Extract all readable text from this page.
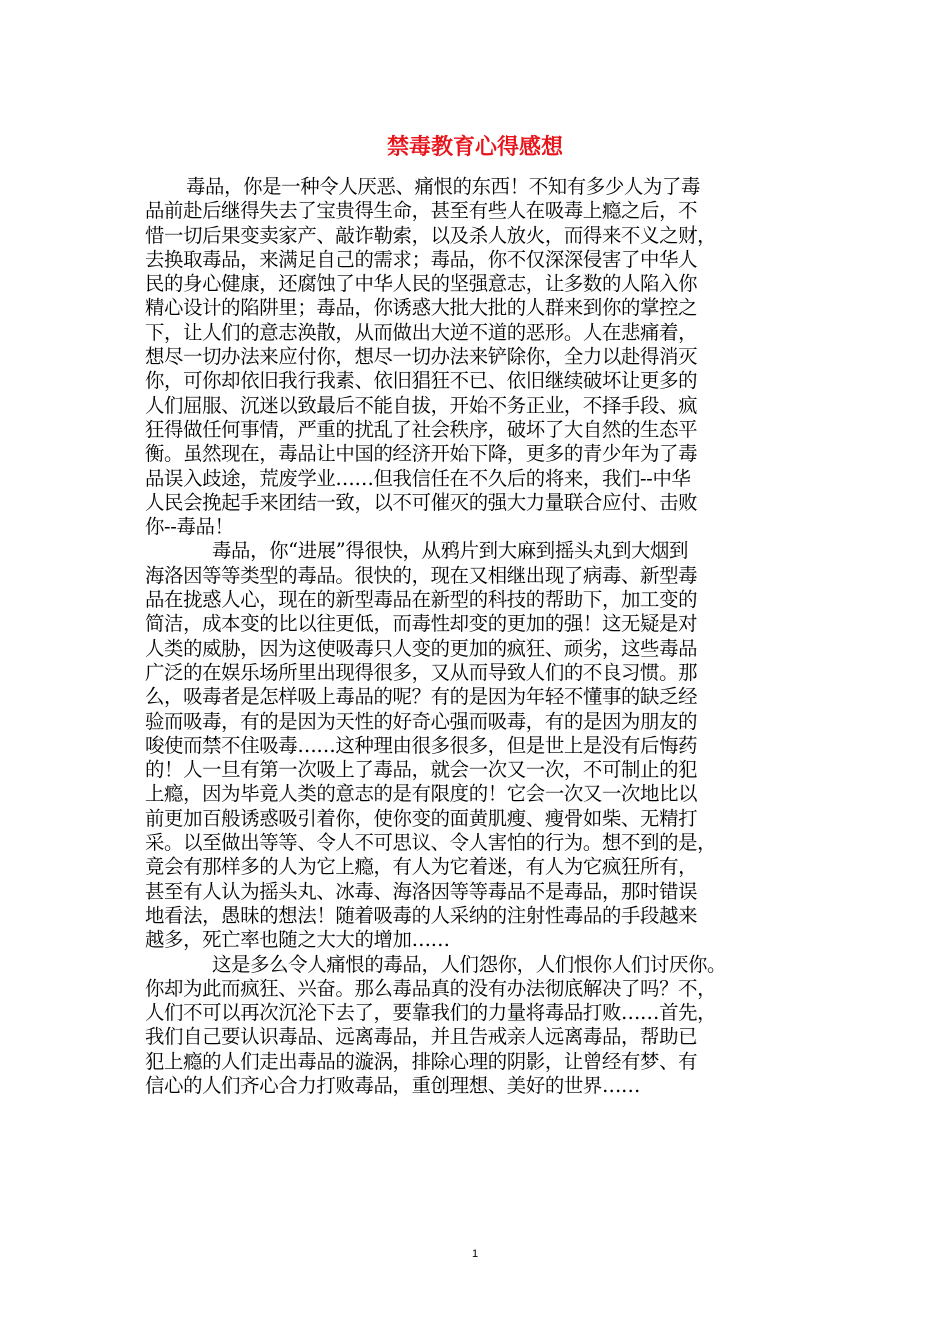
禁毒教育心得感想
毒品，你是一种令人厌恶、痛恨的东西！不知有多少人为了毒
品前赴后继得失去了宝贵得生命，甚至有些人在吸毒上瘾之后，不
惜一切后果变卖家产、敲诈勒索，以及杀人放火，而得来不义之财，
去换取毒品，来满足自己的需求；毒品，你不仅深深侵害了中华人
民的身心健康，还腐蚀了中华人民的坚强意志，让多数的人陷入你
精心设计的陷阱里；毒品，你诱惑大批大批的人群来到你的掌控之
下，让人们的意志涣散，从而做出大逆不道的恶形。人在悲痛着，
想尽一切办法来应付你，想尽一切办法来铲除你，全力以赴得消灭
你，可你却依旧我行我素、依旧猖狂不已、依旧继续破坏让更多的
人们屈服、沉迷以致最后不能自拔，开始不务正业，不择手段、疯
狂得做任何事情，严重的扰乱了社会秩序，破坏了大自然的生态平
衡。虽然现在，毒品让中国的经济开始下降，更多的青少年为了毒
品误入歧途，荒废学业……但我信任在不久后的将来，我们--中华
人民会挽起手来团结一致，以不可催灭的强大力量联合应付、击败
你--毒品！
毒品，你“进展”得很快，从鸦片到大麻到摇头丸到大烟到
海洛因等等类型的毒品。很快的，现在又相继出现了病毒、新型毒
品在拢惑人心，现在的新型毒品在新型的科技的帮助下，加工变的
简洁，成本变的比以往更低，而毒性却变的更加的强！这无疑是对
人类的威胁，因为这使吸毒只人变的更加的疯狂、顽劣，这些毒品
广泛的在娱乐场所里出现得很多，又从而导致人们的不良习惯。那
么，吸毒者是怎样吸上毒品的呢？有的是因为年轻不懂事的缺乏经
验而吸毒，有的是因为天性的好奇心强而吸毒，有的是因为朋友的
唆使而禁不住吸毒……这种理由很多很多，但是世上是没有后悔药
的！人一旦有第一次吸上了毒品，就会一次又一次，不可制止的犯
上瘾，因为毕竟人类的意志的是有限度的！它会一次又一次地比以
前更加百般诱惑吸引着你，使你变的面黄肌瘦、瘦骨如柴、无精打
采。以至做出等等、令人不可思议、令人害怕的行为。想不到的是，
竟会有那样多的人为它上瘾，有人为它着迷，有人为它疯狂所有，
甚至有人认为摇头丸、冰毒、海洛因等等毒品不是毒品，那时错误
地看法，愚昧的想法！随着吸毒的人采纳的注射性毒品的手段越来
越多，死亡率也随之大大的增加……
这是多么令人痛恨的毒品，人们怨你，人们恨你人们讨厌你。
你却为此而疯狂、兴奋。那么毒品真的没有办法彻底解决了吗？不，
人们不可以再次沉沦下去了，要靠我们的力量将毒品打败……首先，
我们自己要认识毒品、远离毒品，并且告戒亲人远离毒品，帮助已
犯上瘾的人们走出毒品的漩涡，排除心理的阴影，让曾经有梦、有
信心的人们齐心合力打败毒品，重创理想、美好的世界……
1
